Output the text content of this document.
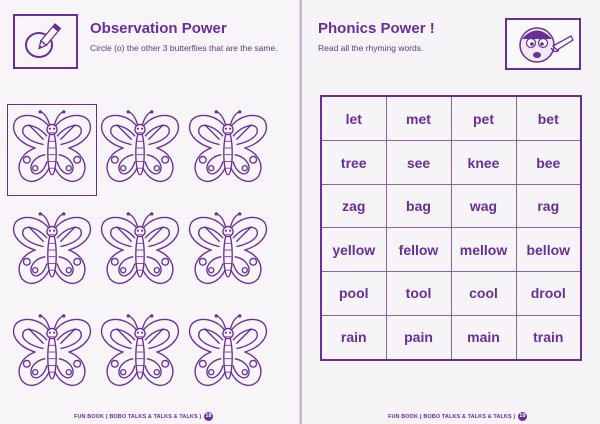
Observation Power
Circle (o) the other 3 butterflies that are the same.
FUN BOOK ( BOBO TALKS & TALKS & TALKS ) 18
Phonics Power !
Read all the rhyming words.
FUN BOOK ( BOBO TALKS & TALKS & TALKS ) 19
let	met	pet	bet
tree	see	knee	bee
zag	bag	wag	rag
yellow	fellow	mellow	bellow
pool	tool	cool	drool
rain	pain	main	train
